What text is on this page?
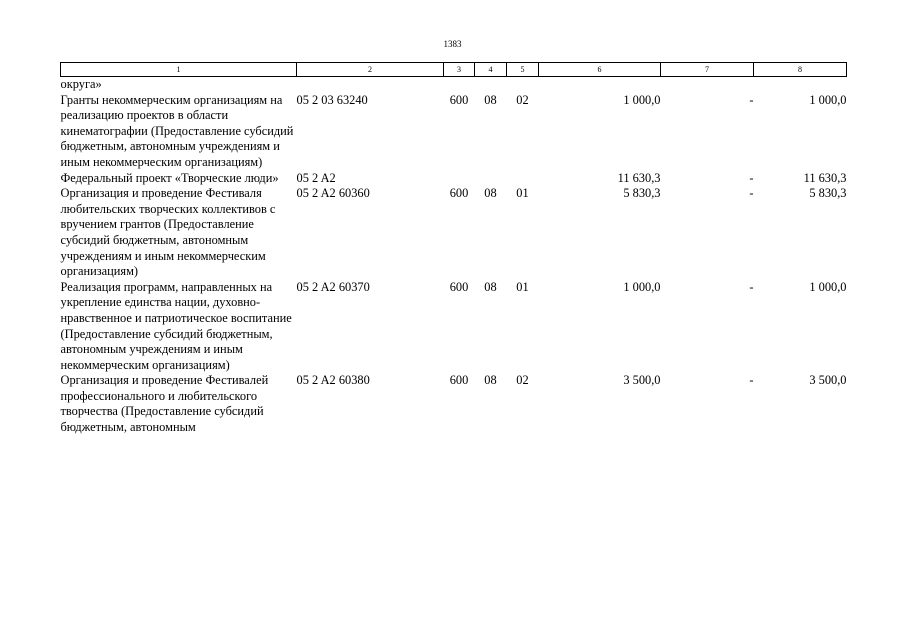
1383
1	2	3	4	5	6	7	8
округа»							
Гранты некоммерческим организациям на реализацию проектов в области кинематографии (Предоставление субсидий бюджетным, автономным учреждениям и иным некоммерческим организациям)	05 2 03 63240	600	08	02	1 000,0	-	1 000,0
Федеральный проект «Творческие люди»	05 2 A2				11 630,3	-	11 630,3
Организация и проведение Фестиваля любительских творческих коллективов с вручением грантов (Предоставление субсидий бюджетным, автономным учреждениям и иным некоммерческим организациям)	05 2 A2 60360	600	08	01	5 830,3	-	5 830,3
Реализация программ, направленных на укрепление единства нации, духовно-нравственное и патриотическое воспитание (Предоставление субсидий бюджетным, автономным учреждениям и иным некоммерческим организациям)	05 2 A2 60370	600	08	01	1 000,0	-	1 000,0
Организация и проведение Фестивалей профессионального и любительского творчества (Предоставление субсидий бюджетным, автономным	05 2 A2 60380	600	08	02	3 500,0	-	3 500,0
